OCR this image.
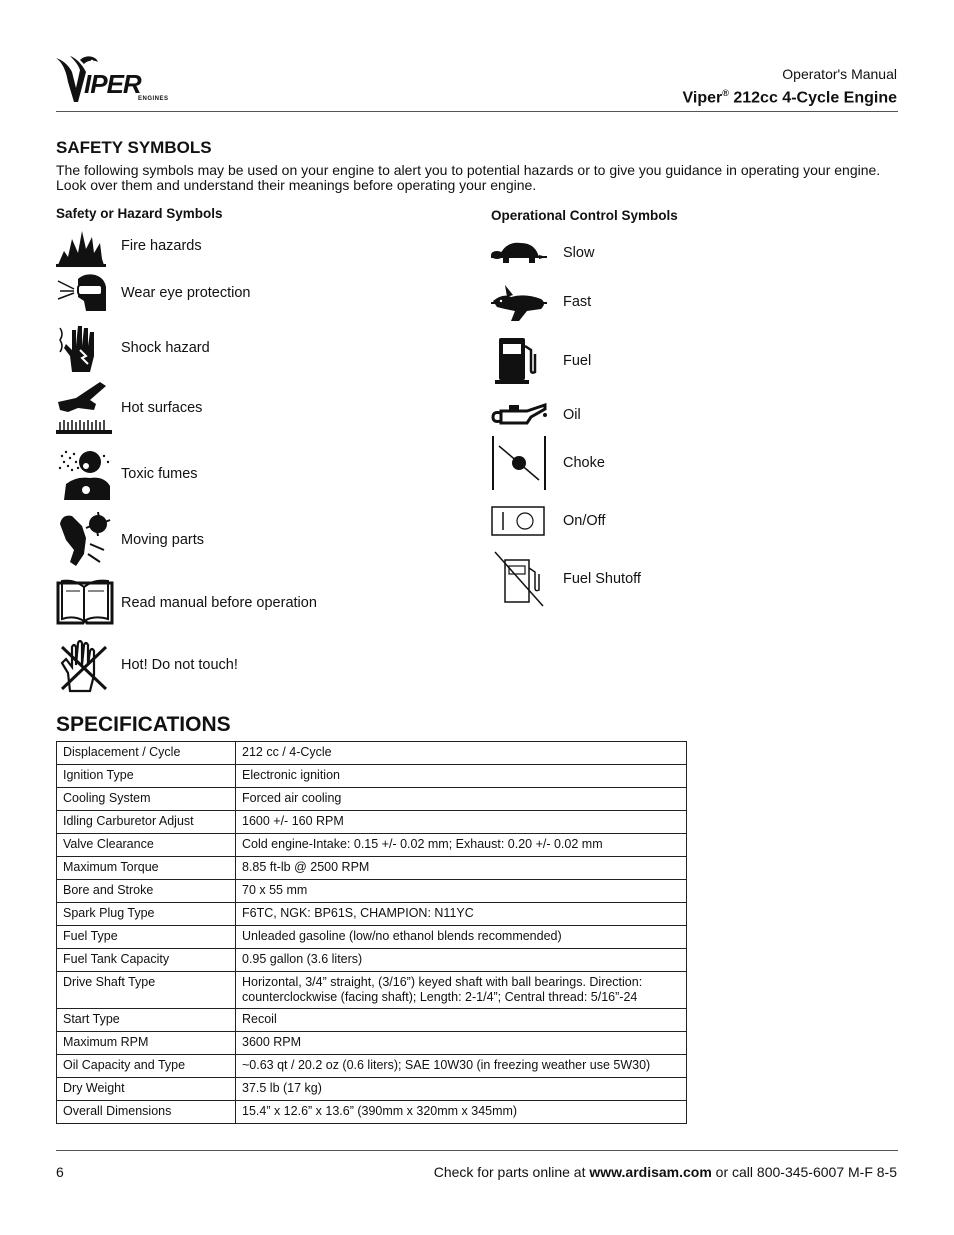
IPER
ENGINES
Operator's Manual
Viper® 212cc 4-Cycle Engine
SAFETY SYMBOLS
The following symbols may be used on your engine to alert you to potential hazards or to give you guidance in operating your engine. Look over them and understand their meanings before operating your engine.
Safety or Hazard Symbols	Operational Control Symbols
Fire hazards
Wear eye protection
Shock hazard
Hot surfaces
Toxic fumes
Moving parts
Read manual before operation
Hot! Do not touch!
Slow
Fast
Fuel
Oil
Choke
On/Off
Fuel Shutoff
SPECIFICATIONS
Displacement / Cycle	212 cc / 4-Cycle
Ignition Type	Electronic ignition
Cooling System	Forced air cooling
Idling Carburetor Adjust	1600 +/- 160 RPM
Valve Clearance	Cold engine-Intake: 0.15 +/- 0.02 mm; Exhaust: 0.20 +/- 0.02 mm
Maximum Torque	8.85 ft-lb @ 2500 RPM
Bore and Stroke	70 x 55 mm
Spark Plug Type	F6TC, NGK: BP61S, CHAMPION: N11YC
Fuel Type	Unleaded gasoline (low/no ethanol blends recommended)
Fuel Tank Capacity	0.95 gallon (3.6 liters)
Drive Shaft Type	Horizontal, 3/4” straight, (3/16”) keyed shaft with ball bearings. Direction: counterclockwise (facing shaft); Length: 2-1/4”; Central thread: 5/16”-24
Start Type	Recoil
Maximum RPM	3600 RPM
Oil Capacity and Type	~0.63 qt / 20.2 oz (0.6 liters); SAE 10W30 (in freezing weather use 5W30)
Dry Weight	37.5 lb (17 kg)
Overall Dimensions	15.4” x 12.6” x 13.6” (390mm x 320mm x 345mm)
6	Check for parts online at www.ardisam.com or call 800-345-6007 M-F 8-5
